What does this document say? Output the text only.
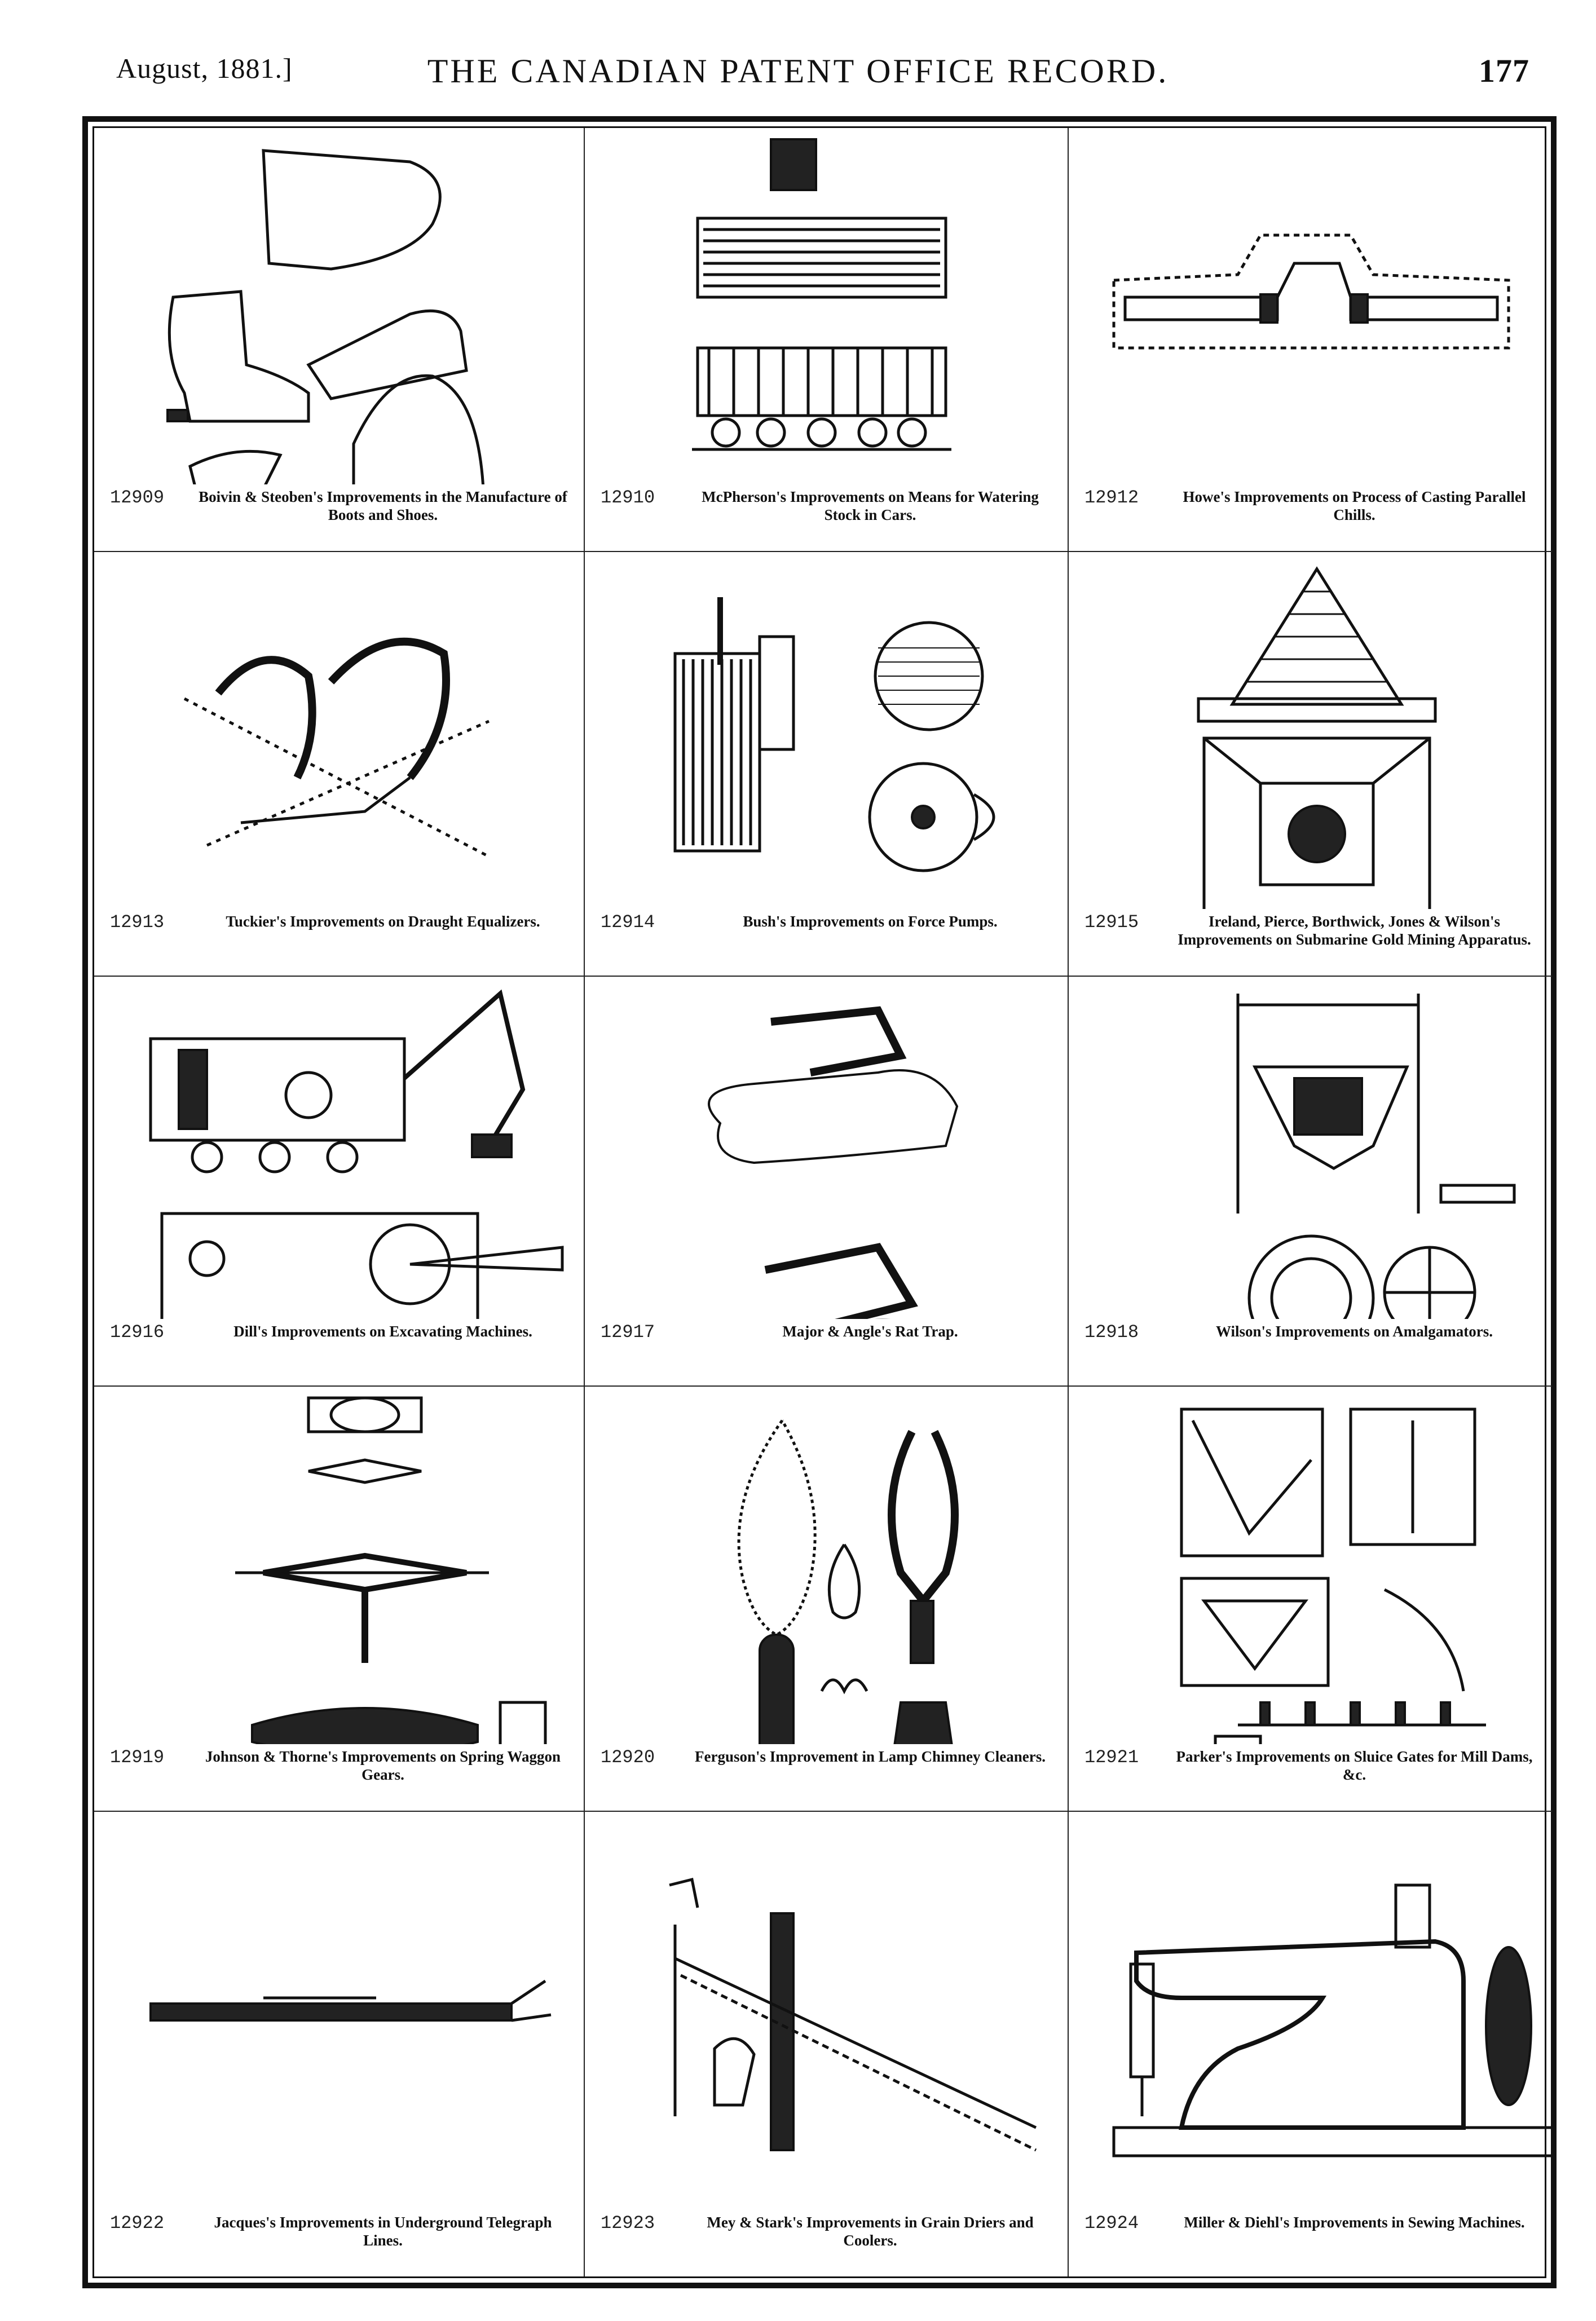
August, 1881.]	THE CANADIAN PATENT OFFICE RECORD.	177
12909 Boivin & Steoben's Improvements in the Manufacture of Boots and Shoes.
12910	McPherson's Improvements on Means for Watering Stock in Cars.
12912	Howe's Improvements on Process of Casting Parallel Chills.
12913	Tuckier's Improvements on Draught Equalizers.	12914	Bush's Improvements on Force Pumps.	12915	Ireland, Pierce, Borthwick, Jones & Wilson's Improvements on Submarine Gold Mining Apparatus.
12916	Dill's Improvements on Excavating Machines.	12917	Major & Angle's Rat Trap.	12918	Wilson's Improvements on Amalgamators.
12919	Johnson & Thorne's Improvements on Spring Waggon Gears.
12920	Ferguson's Improvement in Lamp Chimney Cleaners.	12921	Parker's Improvements on Sluice Gates for Mill Dams, &c.
12922	Jacques's Improvements in Underground Telegraph Lines.
12923	Mey & Stark's Improvements in Grain Driers and Coolers.
12924	Miller & Diehl's Improvements in Sewing Machines.
